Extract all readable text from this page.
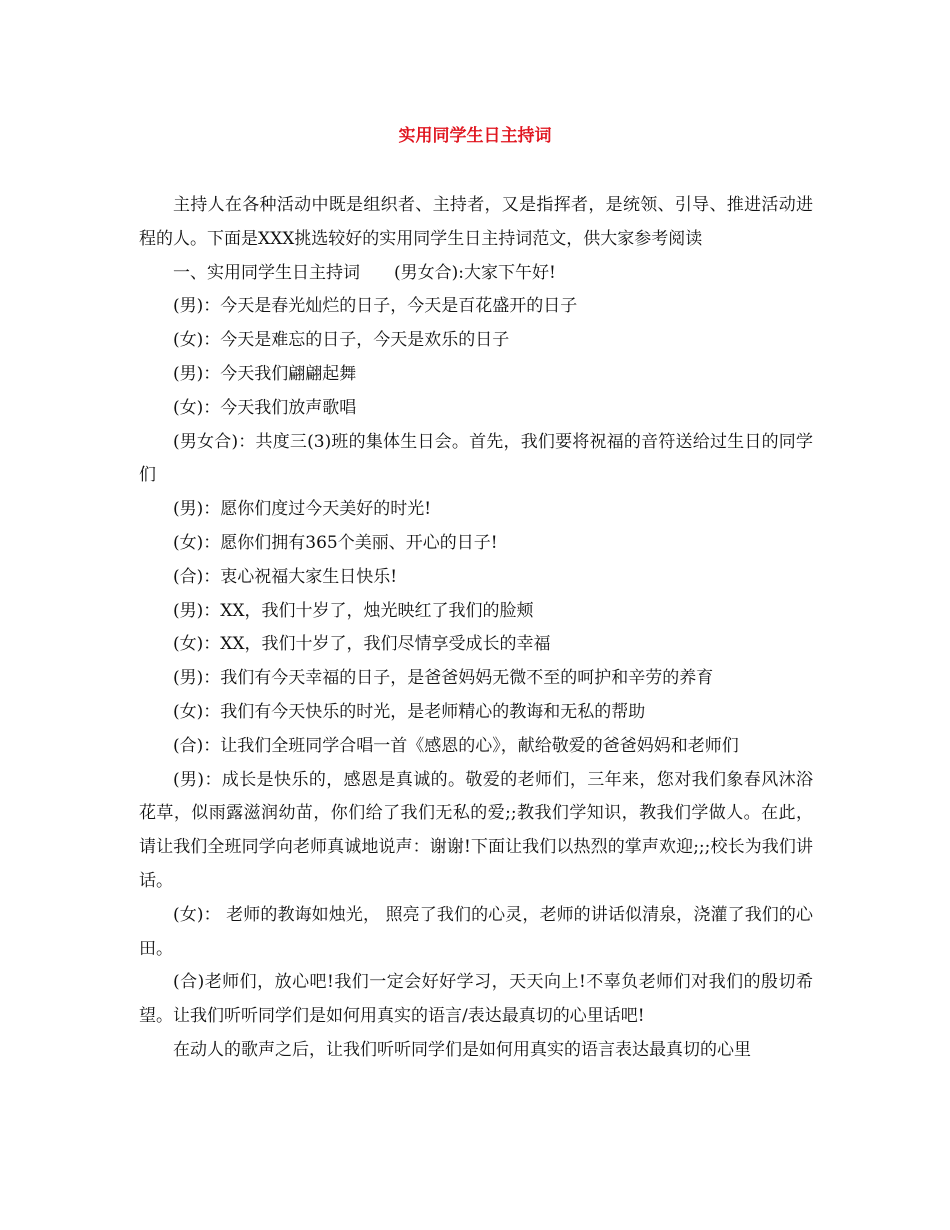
实用同学生日主持词

主持人在各种活动中既是组织者、主持者，又是指挥者，是统领、引导、推进活动进程的人。下面是XXX挑选较好的实用同学生日主持词范文，供大家参考阅读

一、实用同学生日主持词　　(男女合):大家下午好!

(男)：今天是春光灿烂的日子，今天是百花盛开的日子

(女)：今天是难忘的日子，今天是欢乐的日子

(男)：今天我们翩翩起舞

(女)：今天我们放声歌唱

(男女合)：共度三(3)班的集体生日会。首先，我们要将祝福的音符送给过生日的同学们

(男)：愿你们度过今天美好的时光!

(女)：愿你们拥有365个美丽、开心的日子!

(合)：衷心祝福大家生日快乐!

(男)：XX，我们十岁了，烛光映红了我们的脸颊

(女)：XX，我们十岁了，我们尽情享受成长的幸福

(男)：我们有今天幸福的日子，是爸爸妈妈无微不至的呵护和辛劳的养育

(女)：我们有今天快乐的时光，是老师精心的教诲和无私的帮助

(合)：让我们全班同学合唱一首《感恩的心》，献给敬爱的爸爸妈妈和老师们

(男)：成长是快乐的，感恩是真诚的。敬爱的老师们，三年来，您对我们象春风沐浴花草，似雨露滋润幼苗，你们给了我们无私的爱;;教我们学知识，教我们学做人。在此，请让我们全班同学向老师真诚地说声：谢谢!下面让我们以热烈的掌声欢迎;;;校长为我们讲话。

(女)： 老师的教诲如烛光， 照亮了我们的心灵，老师的讲话似清泉，浇灌了我们的心田。

(合)老师们，放心吧!我们一定会好好学习，天天向上!不辜负老师们对我们的殷切希望。让我们听听同学们是如何用真实的语言/表达最真切的心里话吧!

在动人的歌声之后，让我们听听同学们是如何用真实的语言表达最真切的心里
